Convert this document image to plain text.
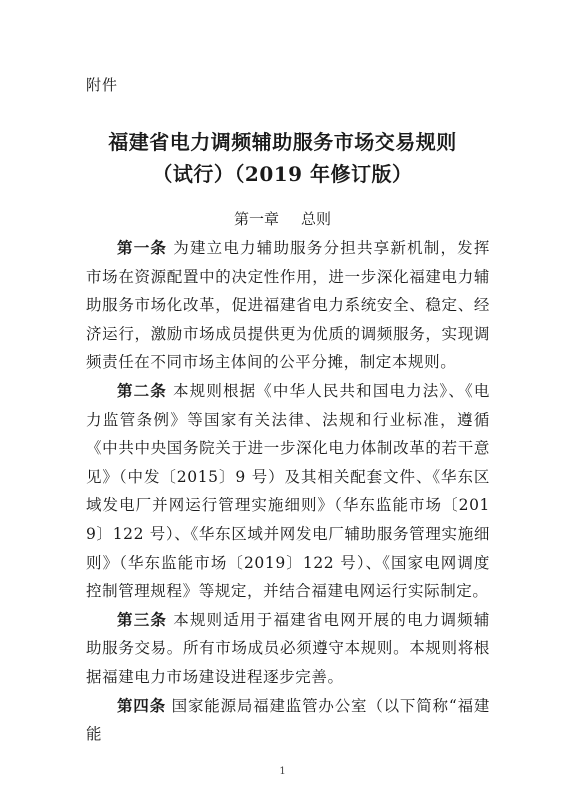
附件
福建省电力调频辅助服务市场交易规则
（试行）（2019 年修订版）
第一章 总则

第一条 为建立电力辅助服务分担共享新机制，发挥市场在资源配置中的决定性作用，进一步深化福建电力辅助服务市场化改革，促进福建省电力系统安全、稳定、经济运行，激励市场成员提供更为优质的调频服务，实现调频责任在不同市场主体间的公平分摊，制定本规则。

第二条 本规则根据《中华人民共和国电力法》、《电力监管条例》等国家有关法律、法规和行业标准，遵循《中共中央国务院关于进一步深化电力体制改革的若干意见》（中发〔2015〕9 号）及其相关配套文件、《华东区域发电厂并网运行管理实施细则》（华东监能市场〔2019〕122 号）、《华东区域并网发电厂辅助服务管理实施细则》（华东监能市场〔2019〕122 号）、《国家电网调度控制管理规程》等规定，并结合福建电网运行实际制定。

第三条 本规则适用于福建省电网开展的电力调频辅助服务交易。所有市场成员必须遵守本规则。本规则将根据福建电力市场建设进程逐步完善。

第四条 国家能源局福建监管办公室（以下简称“福建能

1
